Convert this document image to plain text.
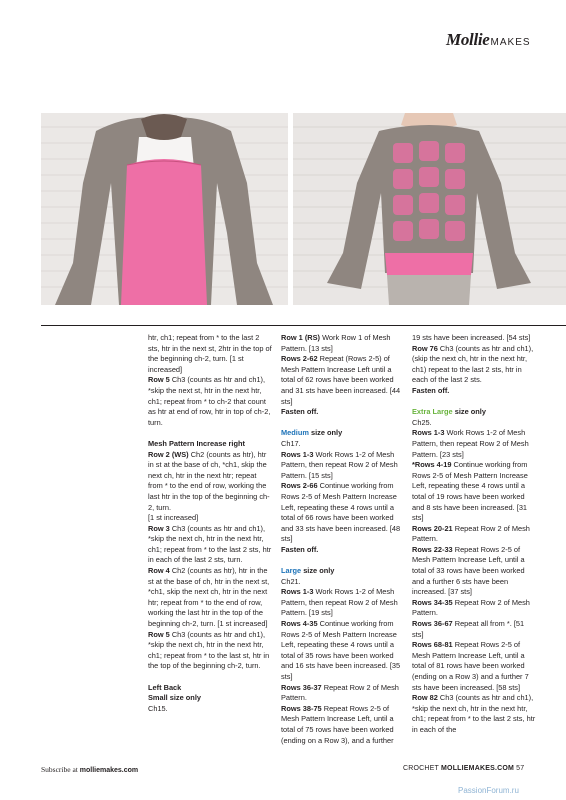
MollieMAKES

htr, ch1; repeat from * to the last 2 sts, htr in the next st, 2htr in the top of the beginning ch-2, turn. [1 st increased]

Row 5 Ch3 (counts as htr and ch1), *skip the next st, htr in the next htr, ch1; repeat from * to ch-2 that count as htr at end of row, htr in top of ch-2, turn.

Mesh Pattern Increase right

Row 2 (WS) Ch2 (counts as htr), htr in st at the base of ch, *ch1, skip the next ch, htr in the next htr; repeat from * to the end of row, working the last htr in the top of the beginning ch-2, turn.

[1 st increased]

Row 3 Ch3 (counts as htr and ch1), *skip the next ch, htr in the next htr, ch1; repeat from * to the last 2 sts, htr in each of the last 2 sts, turn.

Row 4 Ch2 (counts as htr), htr in the st at the base of ch, htr in the next st, *ch1, skip the next ch, htr in the next htr; repeat from * to the end of row, working the last htr in the top of the beginning ch-2, turn. [1 st increased]

Row 5 Ch3 (counts as htr and ch1), *skip the next ch, htr in the next htr, ch1; repeat from * to the last st, htr in the top of the beginning ch-2, turn.

Left Back

Small size only

Ch15.

Row 1 (RS) Work Row 1 of Mesh Pattern. [13 sts]

Rows 2-62 Repeat (Rows 2-5) of Mesh Pattern Increase Left until a total of 62 rows have been worked and 31 sts have been increased. [44 sts]

Fasten off.

Medium size only

Ch17.

Rows 1-3 Work Rows 1-2 of Mesh Pattern, then repeat Row 2 of Mesh Pattern. [15 sts]

Rows 2-66 Continue working from Rows 2-5 of Mesh Pattern Increase Left, repeating these 4 rows until a total of 66 rows have been worked and 33 sts have been increased. [48 sts]

Fasten off.

Large size only

Ch21.

Rows 1-3 Work Rows 1-2 of Mesh Pattern, then repeat Row 2 of Mesh Pattern. [19 sts]

Rows 4-35 Continue working from Rows 2-5 of Mesh Pattern Increase Left, repeating these 4 rows until a total of 35 rows have been worked and 16 sts have been increased. [35 sts]

Rows 36-37 Repeat Row 2 of Mesh Pattern.

Rows 38-75 Repeat Rows 2-5 of Mesh Pattern Increase Left, until a total of 75 rows have been worked (ending on a Row 3), and a further

19 sts have been increased. [54 sts]

Row 76 Ch3 (counts as htr and ch1), (skip the next ch, htr in the next htr, ch1) repeat to the last 2 sts, htr in each of the last 2 sts.

Fasten off.

Extra Large size only

Ch25.

Rows 1-3 Work Rows 1-2 of Mesh Pattern, then repeat Row 2 of Mesh Pattern. [23 sts]

*Rows 4-19 Continue working from Rows 2-5 of Mesh Pattern Increase Left, repeating these 4 rows until a total of 19 rows have been worked and 8 sts have been increased. [31 sts]

Rows 20-21 Repeat Row 2 of Mesh Pattern.

Rows 22-33 Repeat Rows 2-5 of Mesh Pattern Increase Left, until a total of 33 rows have been worked and a further 6 sts have been increased. [37 sts]

Rows 34-35 Repeat Row 2 of Mesh Pattern.

Rows 36-67 Repeat all from *. [51 sts]

Rows 68-81 Repeat Rows 2-5 of Mesh Pattern Increase Left, until a total of 81 rows have been worked (ending on a Row 3) and a further 7 sts have been increased. [58 sts]

Row 82 Ch3 (counts as htr and ch1), *skip the next ch, htr in the next htr, ch1; repeat from * to the last 2 sts, htr in each of the

Subscribe at molliemakes.com	CROCHET MOLLIEMAKES.COM 57
PassionForum.ru
